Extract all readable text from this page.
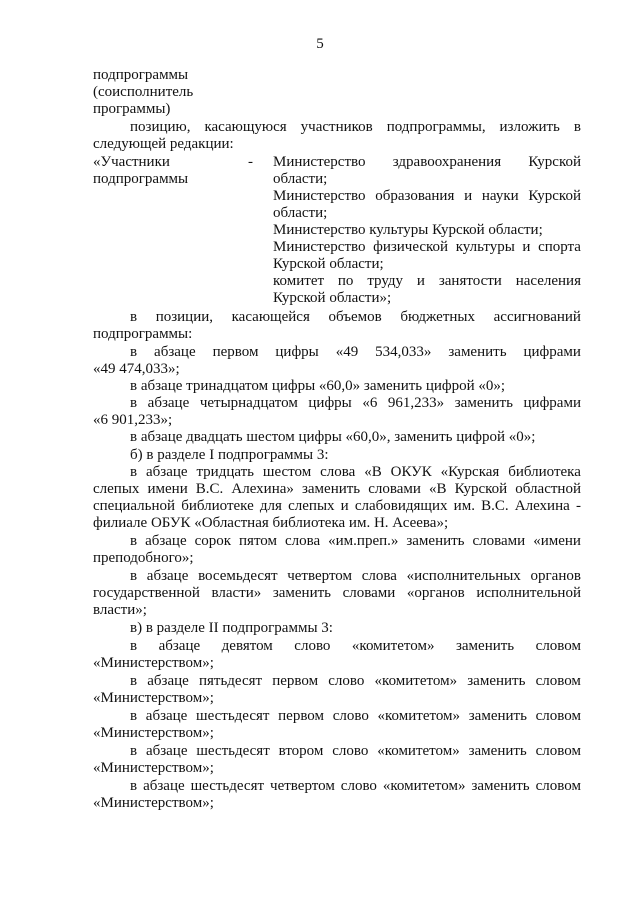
5
подпрограммы
(соисполнитель
программы)
позицию, касающуюся участников подпрограммы, изложить в
следующей редакции:
«Участники
подпрограммы
- Министерство здравоохранения Курской
области;
Министерство образования и науки Курской
области;
Министерство культуры Курской области;
Министерство физической культуры и спорта
Курской области;
комитет по труду и занятости населения
Курской области»;
в позиции, касающейся объемов бюджетных ассигнований
подпрограммы:
в абзаце первом цифры «49 534,033» заменить цифрами
«49 474,033»;
в абзаце тринадцатом цифры «60,0» заменить цифрой «0»;
в абзаце четырнадцатом цифры «6 961,233» заменить цифрами
«6 901,233»;
в абзаце двадцать шестом цифры «60,0», заменить цифрой «0»;
б) в разделе I подпрограммы 3:
в абзаце тридцать шестом слова «В ОКУК «Курская библиотека
слепых имени В.С. Алехина» заменить словами «В Курской областной
специальной библиотеке для слепых и слабовидящих им. В.С. Алехина -
филиале ОБУК «Областная библиотека им. Н. Асеева»;
в абзаце сорок пятом слова «им.преп.» заменить словами «имени
преподобного»;
в абзаце восемьдесят четвертом слова «исполнительных органов
государственной власти» заменить словами «органов исполнительной
власти»;
в) в разделе II подпрограммы 3:
в абзаце девятом слово «комитетом» заменить словом
«Министерством»;
в абзаце пятьдесят первом слово «комитетом» заменить словом
«Министерством»;
в абзаце шестьдесят первом слово «комитетом» заменить словом
«Министерством»;
в абзаце шестьдесят втором слово «комитетом» заменить словом
«Министерством»;
в абзаце шестьдесят четвертом слово «комитетом» заменить словом
«Министерством»;
